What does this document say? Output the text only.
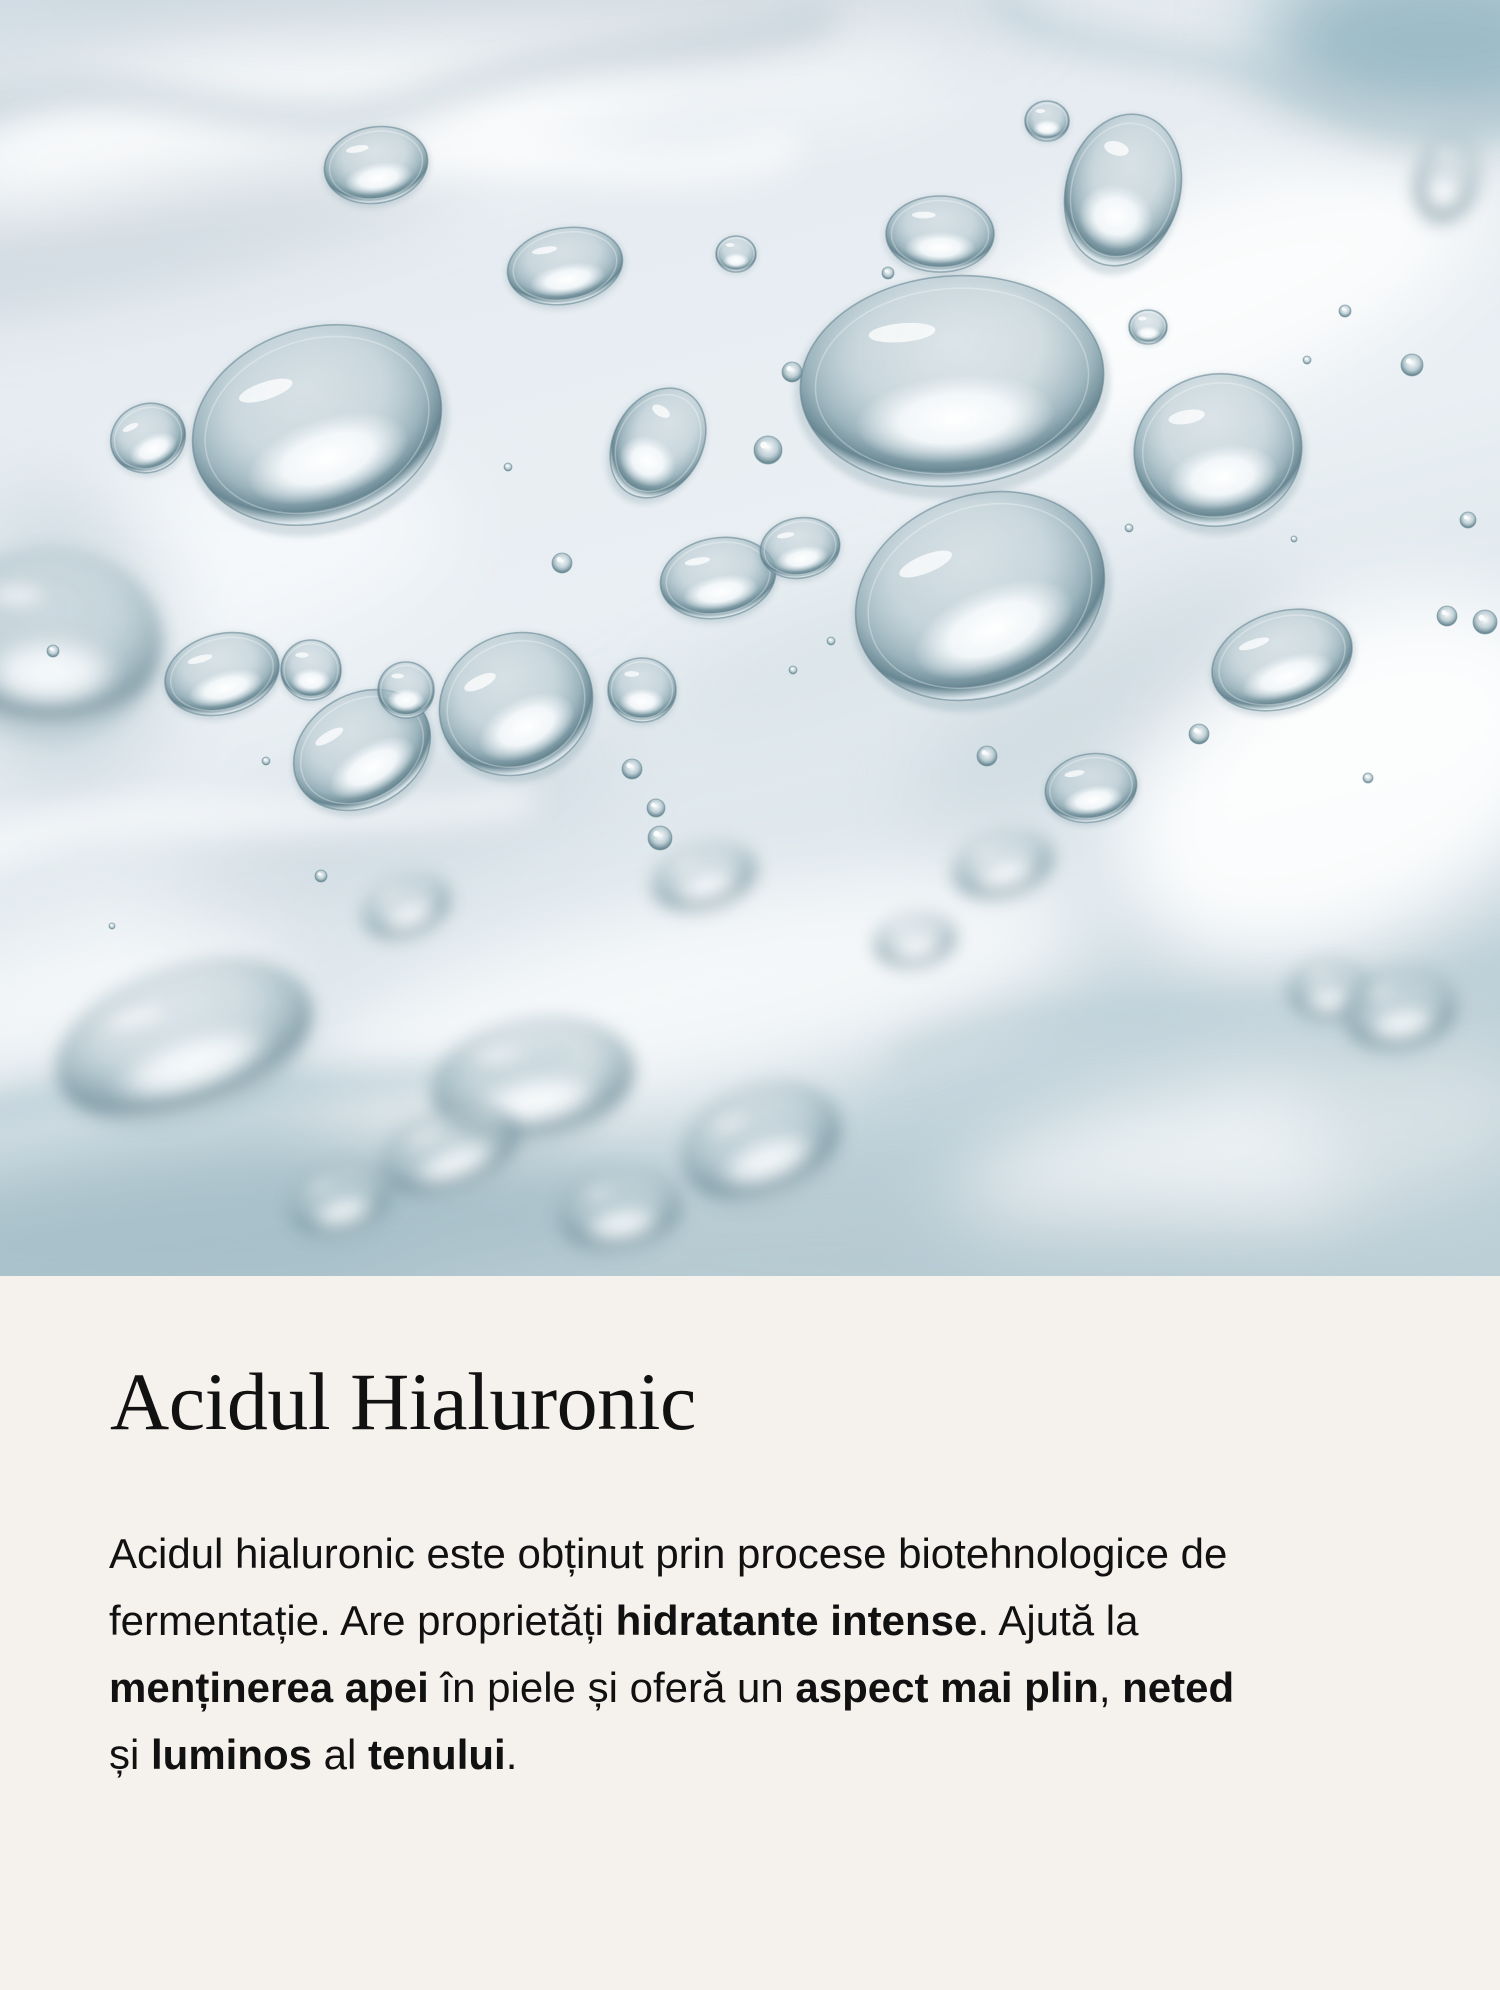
Acidul Hialuronic
Acidul hialuronic este obținut prin procese biotehnologice de
fermentație. Are proprietăți hidratante intense. Ajută la
menținerea apei în piele și oferă un aspect mai plin, neted
și luminos al tenului.
